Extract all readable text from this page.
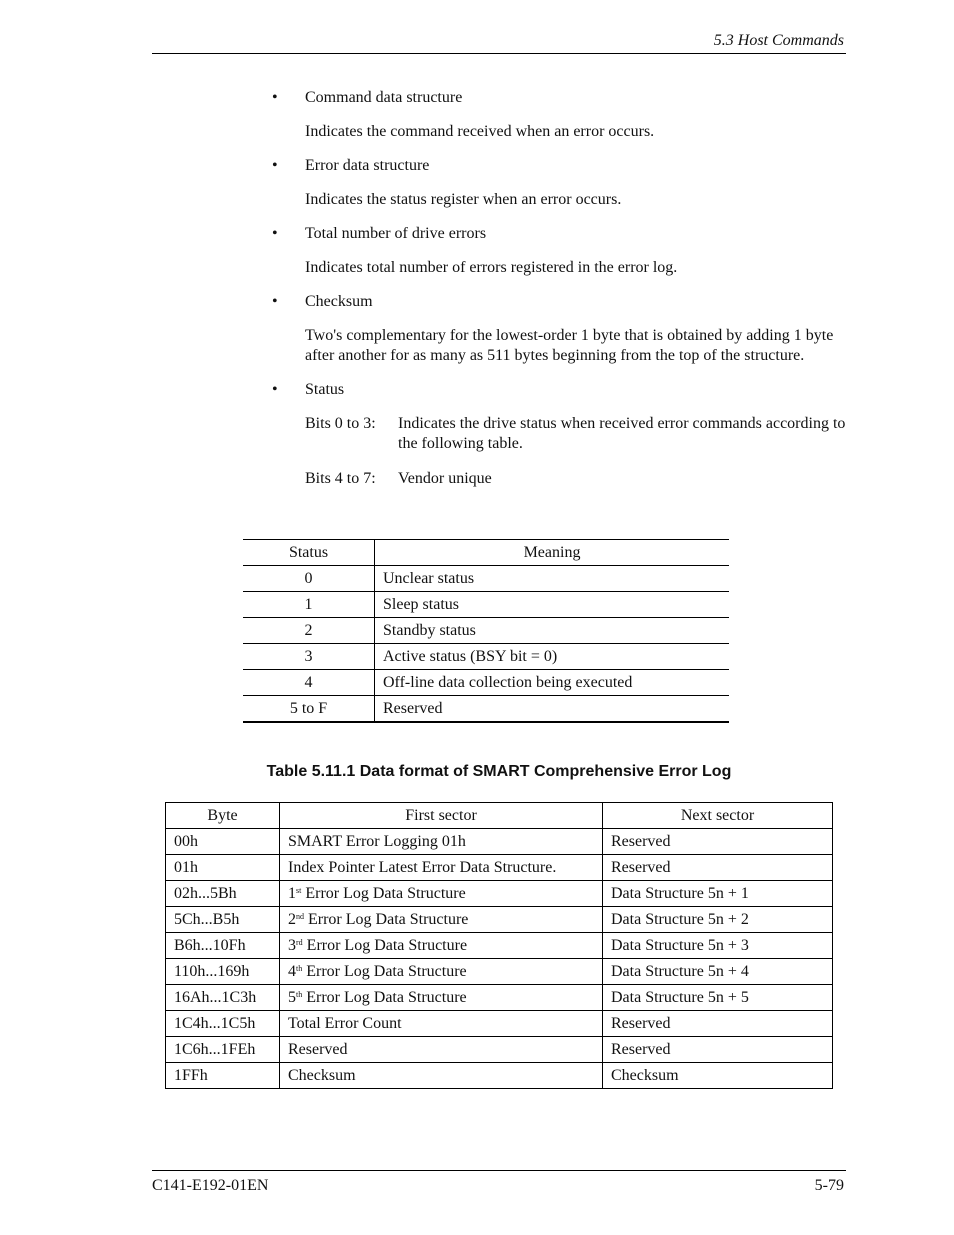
5.3 Host Commands
• Command data structure
Indicates the command received when an error occurs.
• Error data structure
Indicates the status register when an error occurs.
• Total number of drive errors
Indicates total number of errors registered in the error log.
• Checksum
Two's complementary for the lowest-order 1 byte that is obtained by adding 1 byte after another for as many as 511 bytes beginning from the top of the structure.
• Status
Bits 0 to 3:	Indicates the drive status when received error commands according to the following table.
Bits 4 to 7:	Vendor unique
Status	Meaning
0	Unclear status
1	Sleep status
2	Standby status
3	Active status (BSY bit = 0)
4	Off-line data collection being executed
5 to F	Reserved
Table 5.11.1 Data format of SMART Comprehensive Error Log
Byte	First sector	Next sector
00h	SMART Error Logging 01h	Reserved
01h	Index Pointer Latest Error Data Structure.	Reserved
02h...5Bh	1st Error Log Data Structure	Data Structure 5n + 1
5Ch...B5h	2nd Error Log Data Structure	Data Structure 5n + 2
B6h...10Fh	3rd Error Log Data Structure	Data Structure 5n + 3
110h...169h	4th Error Log Data Structure	Data Structure 5n + 4
16Ah...1C3h	5th Error Log Data Structure	Data Structure 5n + 5
1C4h...1C5h	Total Error Count	Reserved
1C6h...1FEh	Reserved	Reserved
1FFh	Checksum	Checksum
C141-E192-01EN	5-79
